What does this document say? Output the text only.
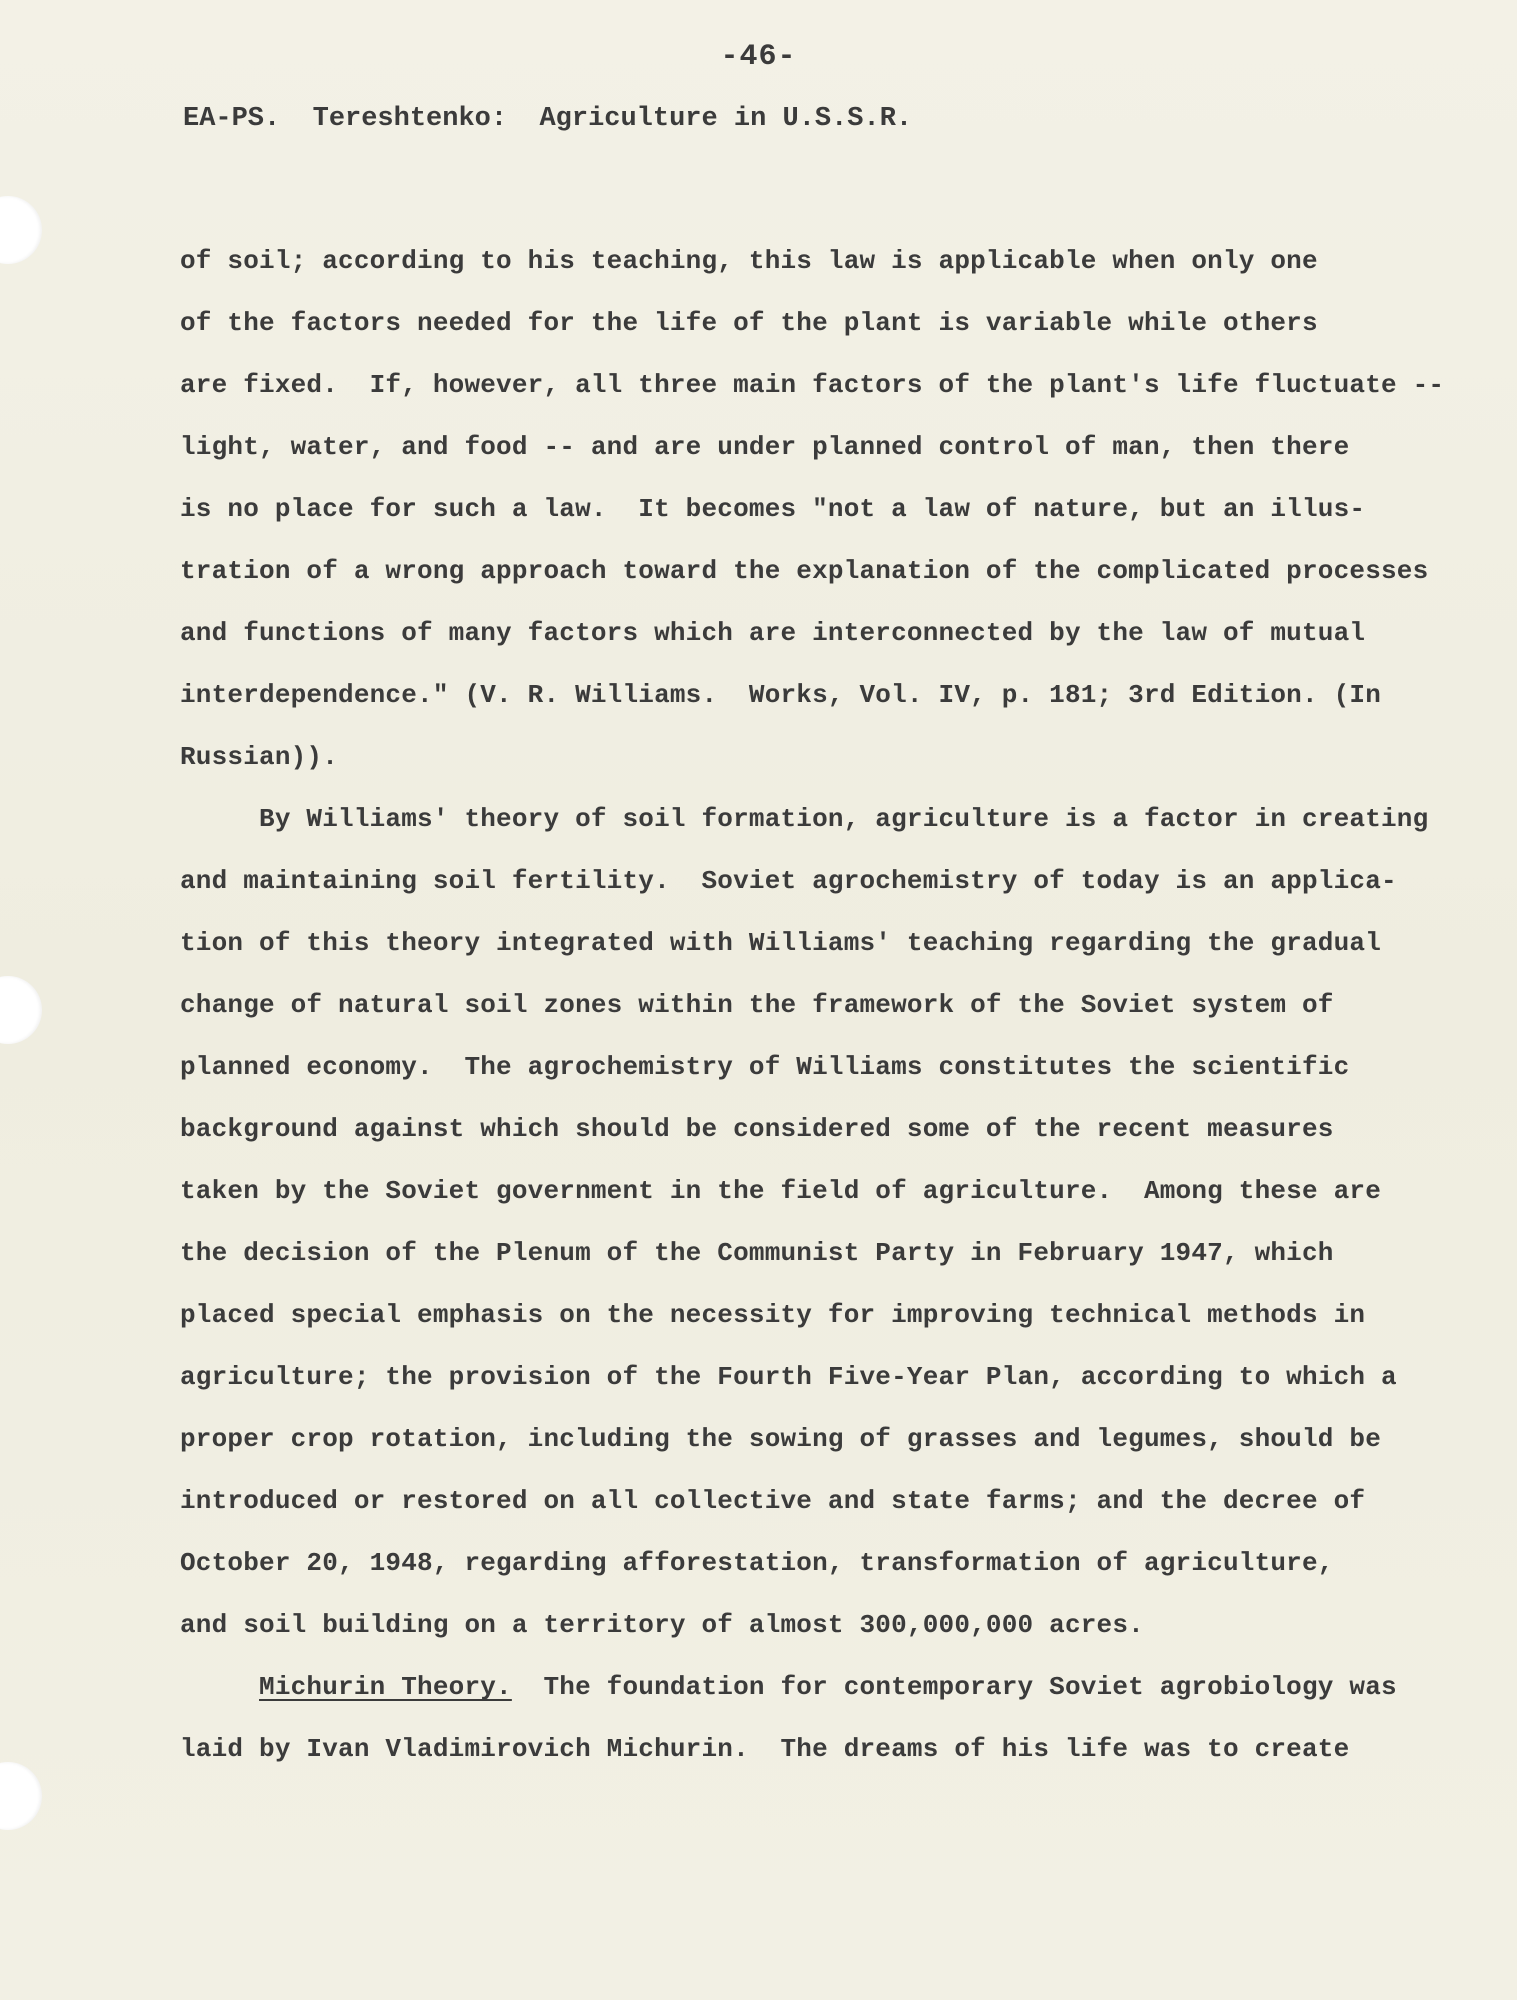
-46-
EA-PS.  Tereshtenko:  Agriculture in U.S.S.R.
of soil; according to his teaching, this law is applicable when only one
of the factors needed for the life of the plant is variable while others
are fixed.  If, however, all three main factors of the plant's life fluctuate --
light, water, and food -- and are under planned control of man, then there
is no place for such a law.  It becomes "not a law of nature, but an illus-
tration of a wrong approach toward the explanation of the complicated processes
and functions of many factors which are interconnected by the law of mutual
interdependence." (V. R. Williams.  Works, Vol. IV, p. 181; 3rd Edition. (In
Russian)).
By Williams' theory of soil formation, agriculture is a factor in creating
and maintaining soil fertility.  Soviet agrochemistry of today is an applica-
tion of this theory integrated with Williams' teaching regarding the gradual
change of natural soil zones within the framework of the Soviet system of
planned economy.  The agrochemistry of Williams constitutes the scientific
background against which should be considered some of the recent measures
taken by the Soviet government in the field of agriculture.  Among these are
the decision of the Plenum of the Communist Party in February 1947, which
placed special emphasis on the necessity for improving technical methods in
agriculture; the provision of the Fourth Five-Year Plan, according to which a
proper crop rotation, including the sowing of grasses and legumes, should be
introduced or restored on all collective and state farms; and the decree of
October 20, 1948, regarding afforestation, transformation of agriculture,
and soil building on a territory of almost 300,000,000 acres.
Michurin Theory.  The foundation for contemporary Soviet agrobiology was
laid by Ivan Vladimirovich Michurin.  The dreams of his life was to create
